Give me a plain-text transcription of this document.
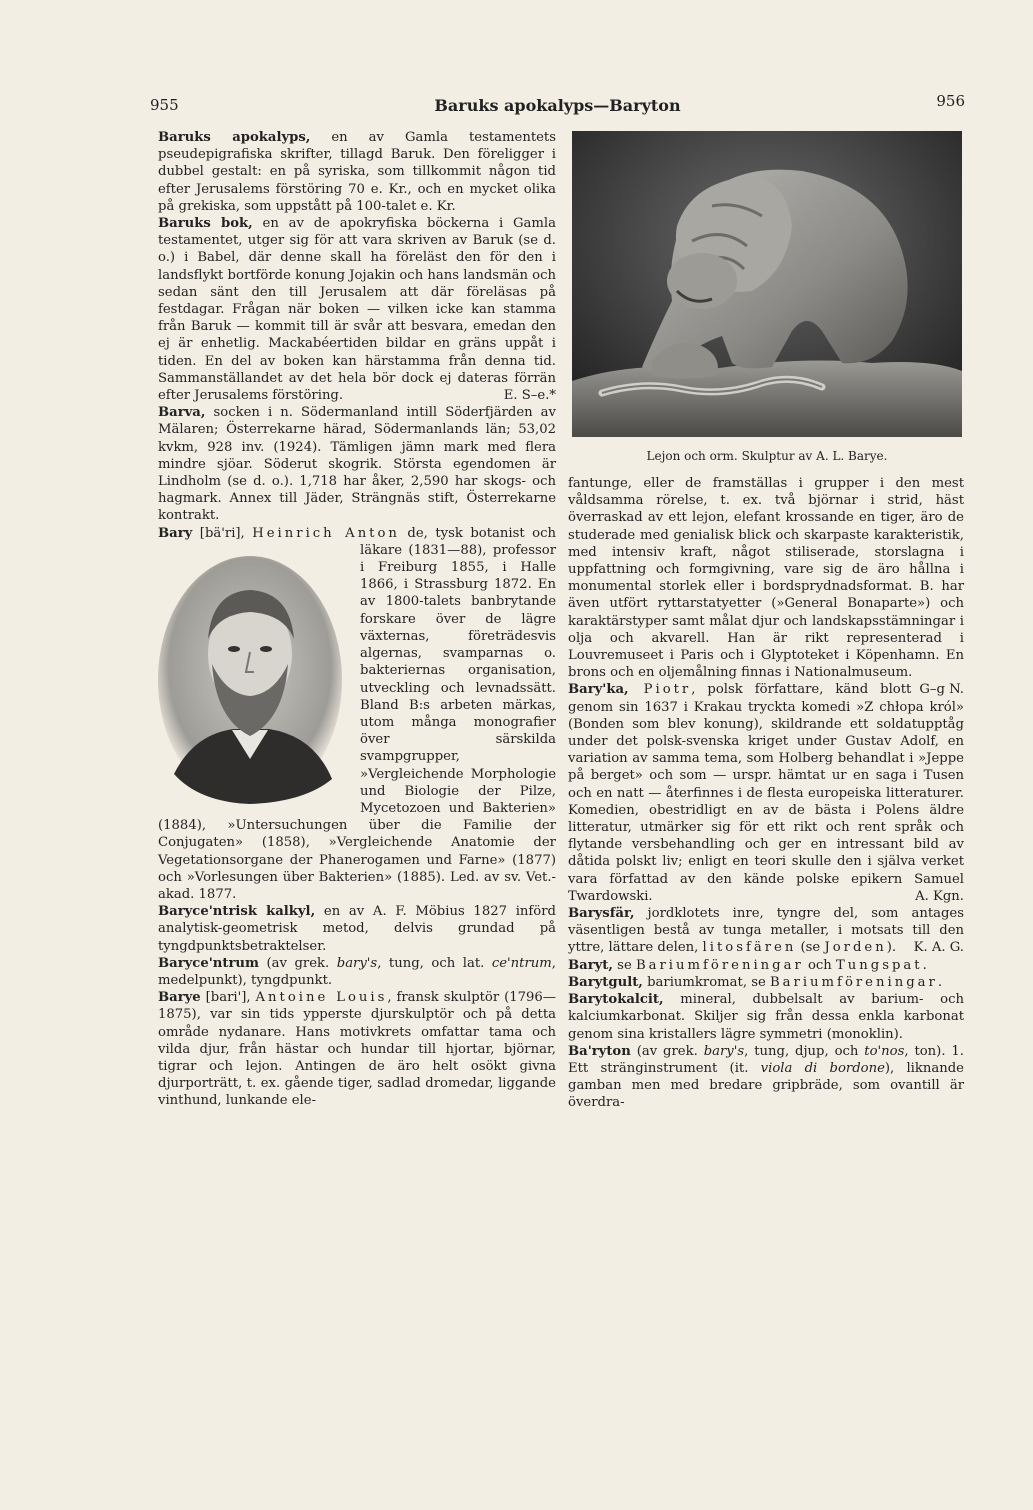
955	Baruks apokalyps—Baryton	956
Lejon och orm. Skulptur av A. L. Barye.

Baruks apokalyps, en av Gamla testamentets pseudepigrafiska skrifter, tillagd Baruk. Den föreligger i dubbel gestalt: en på syriska, som tillkommit någon tid efter Jerusalems förstöring 70 e. Kr., och en mycket olika på grekiska, som uppstått på 100-talet e. Kr.

Baruks bok, en av de apokryfiska böckerna i Gamla testamentet, utger sig för att vara skriven av Baruk (se d. o.) i Babel, där denne skall ha föreläst den för den i landsflykt bortförde konung Jojakin och hans landsmän och sedan sänt den till Jerusalem att där föreläsas på festdagar. Frågan när boken — vilken icke kan stamma från Baruk — kommit till är svår att besvara, emedan den ej är enhetlig. Mackabéertiden bildar en gräns uppåt i tiden. En del av boken kan härstamma från denna tid. Sammanställandet av det hela bör dock ej dateras förrän efter Jerusalems förstöring.	E. S–e.*

Barva, socken i n. Södermanland intill Söderfjärden av Mälaren; Österrekarne härad, Södermanlands län; 53,02 kvkm, 928 inv. (1924). Tämligen jämn mark med flera mindre sjöar. Söderut skogrik. Största egendomen är Lindholm (se d. o.). 1,718 har åker, 2,590 har skogs- och hagmark. Annex till Jäder, Strängnäs stift, Österrekarne kontrakt.

Bary [bä'ri], Heinrich Anton
de, tysk botanist och läkare (1831—88), professor i Freiburg 1855, i Halle 1866, i Strassburg 1872. En av 1800-talets banbrytande forskare över de lägre växternas, företrädesvis algernas, svamparnas o. bakteriernas organisation, utveckling och levnadssätt. Bland B:s arbeten märkas, utom många monografier över särskilda svampgrupper, »Vergleichende Morphologie und Biologie der Pilze, Mycetozoen und Bakterien» (1884), »Untersuchungen über die Familie der Conjugaten» (1858), »Vergleichende Anatomie der Vegetationsorgane der Phanerogamen und Farne» (1877) och »Vorlesungen über Bakterien» (1885). Led. av sv. Vet.-akad. 1877.

Baryce'ntrisk kalkyl, en av A. F. Möbius 1827 införd analytisk-geometrisk metod, delvis grundad på tyngdpunktsbetraktelser.

Baryce'ntrum (av grek. bary's, tung, och lat. ce'ntrum, medelpunkt), tyngdpunkt.

Barye [bari'], Antoine Louis, fransk skulptör (1796—1875), var sin tids ypperste djurskulptör och på detta område nydanare. Hans motivkrets omfattar tama och vilda djur, från hästar och hundar till hjortar, björnar, tigrar och lejon. Antingen de äro helt osökt givna djurporträtt, t. ex. gående tiger, sadlad dromedar, liggande vinthund, lunkande ele-

fantunge, eller de framställas i grupper i den mest våldsamma rörelse, t. ex. två björnar i strid, häst överraskad av ett lejon, elefant krossande en tiger, äro de studerade med genialisk blick och skarpaste karakteristik, med intensiv kraft, något stiliserade, storslagna i uppfattning och formgivning, vare sig de äro hållna i monumental storlek eller i bordsprydnadsformat. B. har även utfört ryttarstatyetter (»General Bonaparte») och karaktärstyper samt målat djur och landskapsstämningar i olja och akvarell. Han är rikt representerad i Louvremuseet i Paris och i Glyptoteket i Köpenhamn. En brons och en oljemålning finnas i Nationalmuseum.
G–g N.

Bary'ka, Piotr, polsk författare, känd blott genom sin 1637 i Krakau tryckta komedi »Z chłopa król» (Bonden som blev konung), skildrande ett soldatupptåg under det polsk-svenska kriget under Gustav Adolf, en variation av samma tema, som Holberg behandlat i »Jeppe på berget» och som — urspr. hämtat ur en saga i Tusen och en natt — återfinnes i de flesta europeiska litteraturer. Komedien, obestridligt en av de bästa i Polens äldre litteratur, utmärker sig för ett rikt och rent språk och flytande versbehandling och ger en intressant bild av dåtida polskt liv; enligt en teori skulle den i själva verket vara författad av den kände polske epikern Samuel Twardowski.	A. Kgn.

Barysfär, jordklotets inre, tyngre del, som antages väsentligen bestå av tunga metaller, i motsats till den yttre, lättare delen, litosfären (se Jorden). K. A. G.

Baryt, se Bariumföreningar och Tungspat.

Barytgult, bariumkromat, se Bariumföreningar.

Barytokalcit, mineral, dubbelsalt av barium- och kalciumkarbonat. Skiljer sig från dessa enkla karbonat genom sina kristallers lägre symmetri (monoklin).

Ba'ryton (av grek. bary's, tung, djup, och to'nos, ton). 1. Ett stränginstrument (it. viola di bordone), liknande gamban men med bredare gripbräde, som ovantill är överdra-
